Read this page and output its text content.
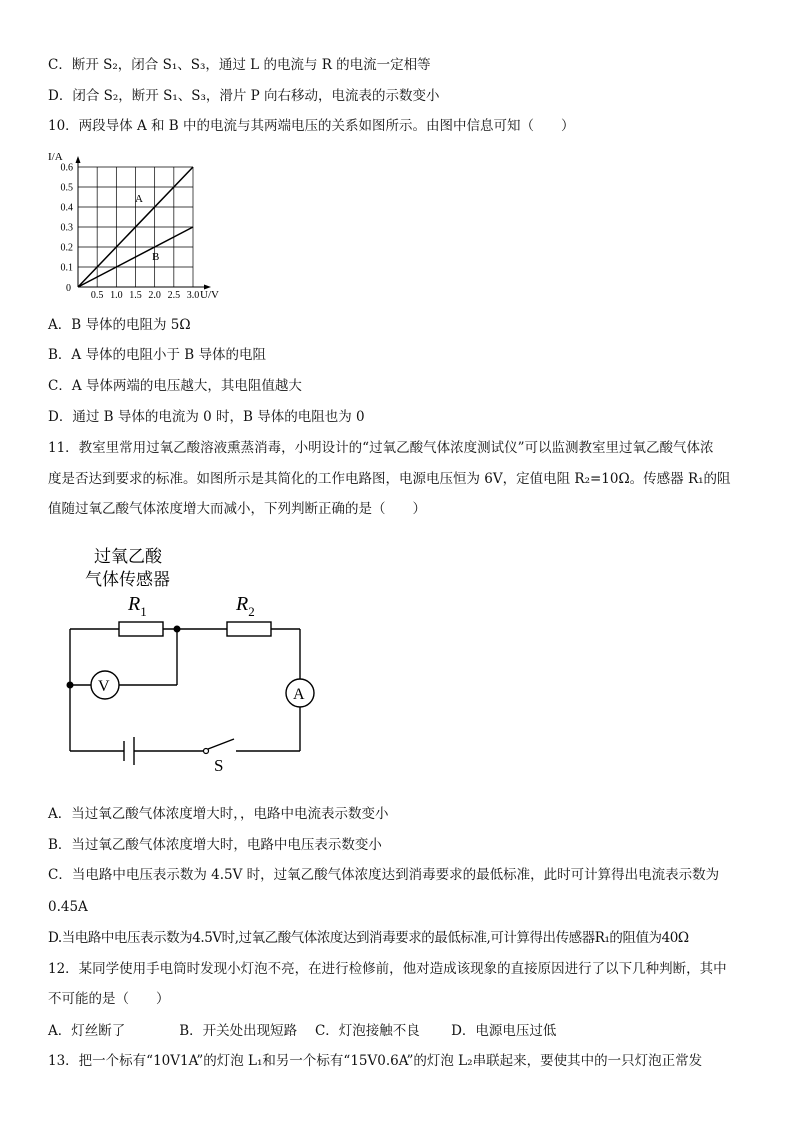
C．断开 S₂，闭合 S₁、S₃，通过 L 的电流与 R 的电流一定相等
D．闭合 S₂，断开 S₁、S₃，滑片 P 向右移动，电流表的示数变小
10．两段导体 A 和 B 中的电流与其两端电压的关系如图所示。由图中信息可知（　　）
0.5 1.0 1.5 2.0 2.5 3.0
0.1
0.2
0.3
0.4
0.5
0.6
I/A
U/V
0
A
B
A．B 导体的电阻为 5Ω
B．A 导体的电阻小于 B 导体的电阻
C．A 导体两端的电压越大，其电阻值越大
D．通过 B 导体的电流为 0 时，B 导体的电阻也为 0
11．教室里常用过氧乙酸溶液熏蒸消毒，小明设计的“过氧乙酸气体浓度测试仪”可以监测教室里过氧乙酸气体浓
度是否达到要求的标准。如图所示是其简化的工作电路图，电源电压恒为 6V，定值电阻 R₂=10Ω。传感器 R₁的阻
值随过氧乙酸气体浓度增大而减小，下列判断正确的是（　　）
过氧乙酸
气体传感器
$R_1$	$R_2$
V	A
S
A．当过氧乙酸气体浓度增大时，，电路中电流表示数变小
B．当过氧乙酸气体浓度增大时，电路中电压表示数变小
C．当电路中电压表示数为 4.5V 时，过氧乙酸气体浓度达到消毒要求的最低标准，此时可计算得出电流表示数为
0.45A
D.当电路中电压表示数为4.5V时,过氧乙酸气体浓度达到消毒要求的最低标准,可计算得出传感器R₁的阻值为40Ω
12．某同学使用手电筒时发现小灯泡不亮，在进行检修前，他对造成该现象的直接原因进行了以下几种判断，其中
不可能的是（　　）
A．灯丝断了　　　　B．开关处出现短路　 C．灯泡接触不良　　 D．电源电压过低
13．把一个标有“10V1A”的灯泡 L₁和另一个标有“15V0.6A”的灯泡 L₂串联起来，要使其中的一只灯泡正常发
